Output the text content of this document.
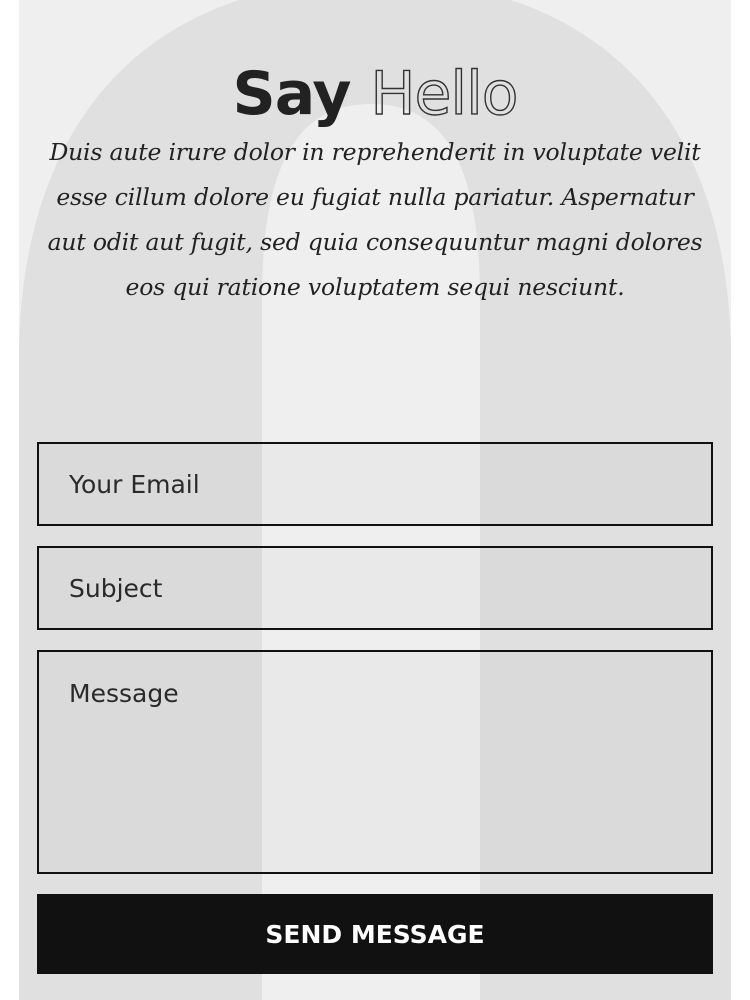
Say Hello

Duis aute irure dolor in reprehenderit in voluptate velit esse cillum dolore eu fugiat nulla pariatur. Aspernatur aut odit aut fugit, sed quia consequuntur magni dolores eos qui ratione voluptatem sequi nesciunt.

Your Email
Subject
Message
SEND MESSAGE
